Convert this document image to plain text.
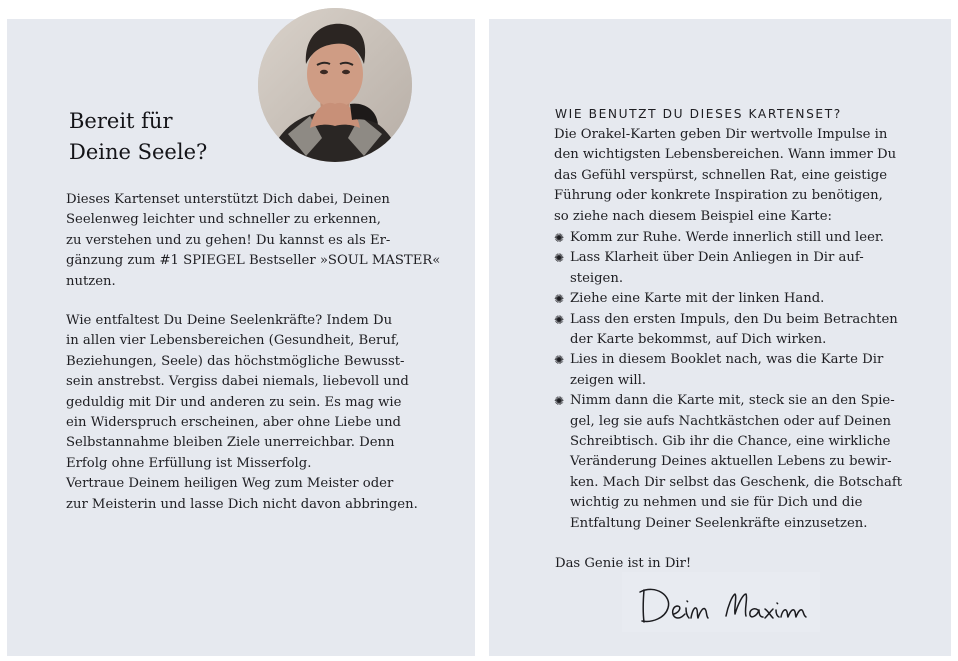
Bereit für
Deine Seele?
Dieses Kartenset unterstützt Dich dabei, Deinen
Seelenweg leichter und schneller zu erkennen,
zu verstehen und zu gehen! Du kannst es als Er-
gänzung zum #1 SPIEGEL Bestseller »SOUL MASTER«
nutzen.
Wie entfaltest Du Deine Seelenkräfte? Indem Du
in allen vier Lebensbereichen (Gesundheit, Beruf,
Beziehungen, Seele) das höchstmögliche Bewusst-
sein anstrebst. Vergiss dabei niemals, liebevoll und
geduldig mit Dir und anderen zu sein. Es mag wie
ein Widerspruch erscheinen, aber ohne Liebe und
Selbstannahme bleiben Ziele unerreichbar. Denn
Erfolg ohne Erfüllung ist Misserfolg.
Vertraue Deinem heiligen Weg zum Meister oder
zur Meisterin und lasse Dich nicht davon abbringen.
WIE BENUTZT DU DIESES KARTENSET?
Die Orakel-Karten geben Dir wertvolle Impulse in
den wichtigsten Lebensbereichen. Wann immer Du
das Gefühl verspürst, schnellen Rat, eine geistige
Führung oder konkrete Inspiration zu benötigen,
so ziehe nach diesem Beispiel eine Karte:
✺ Komm zur Ruhe. Werde innerlich still und leer.
✺ Lass Klarheit über Dein Anliegen in Dir auf-
steigen.
✺ Ziehe eine Karte mit der linken Hand.
✺ Lass den ersten Impuls, den Du beim Betrachten
der Karte bekommst, auf Dich wirken.
✺ Lies in diesem Booklet nach, was die Karte Dir
zeigen will.
✺ Nimm dann die Karte mit, steck sie an den Spie-
gel, leg sie aufs Nachtkästchen oder auf Deinen
Schreibtisch. Gib ihr die Chance, eine wirkliche
Veränderung Deines aktuellen Lebens zu bewir-
ken. Mach Dir selbst das Geschenk, die Botschaft
wichtig zu nehmen und sie für Dich und die
Entfaltung Deiner Seelenkräfte einzusetzen.
Das Genie ist in Dir!
